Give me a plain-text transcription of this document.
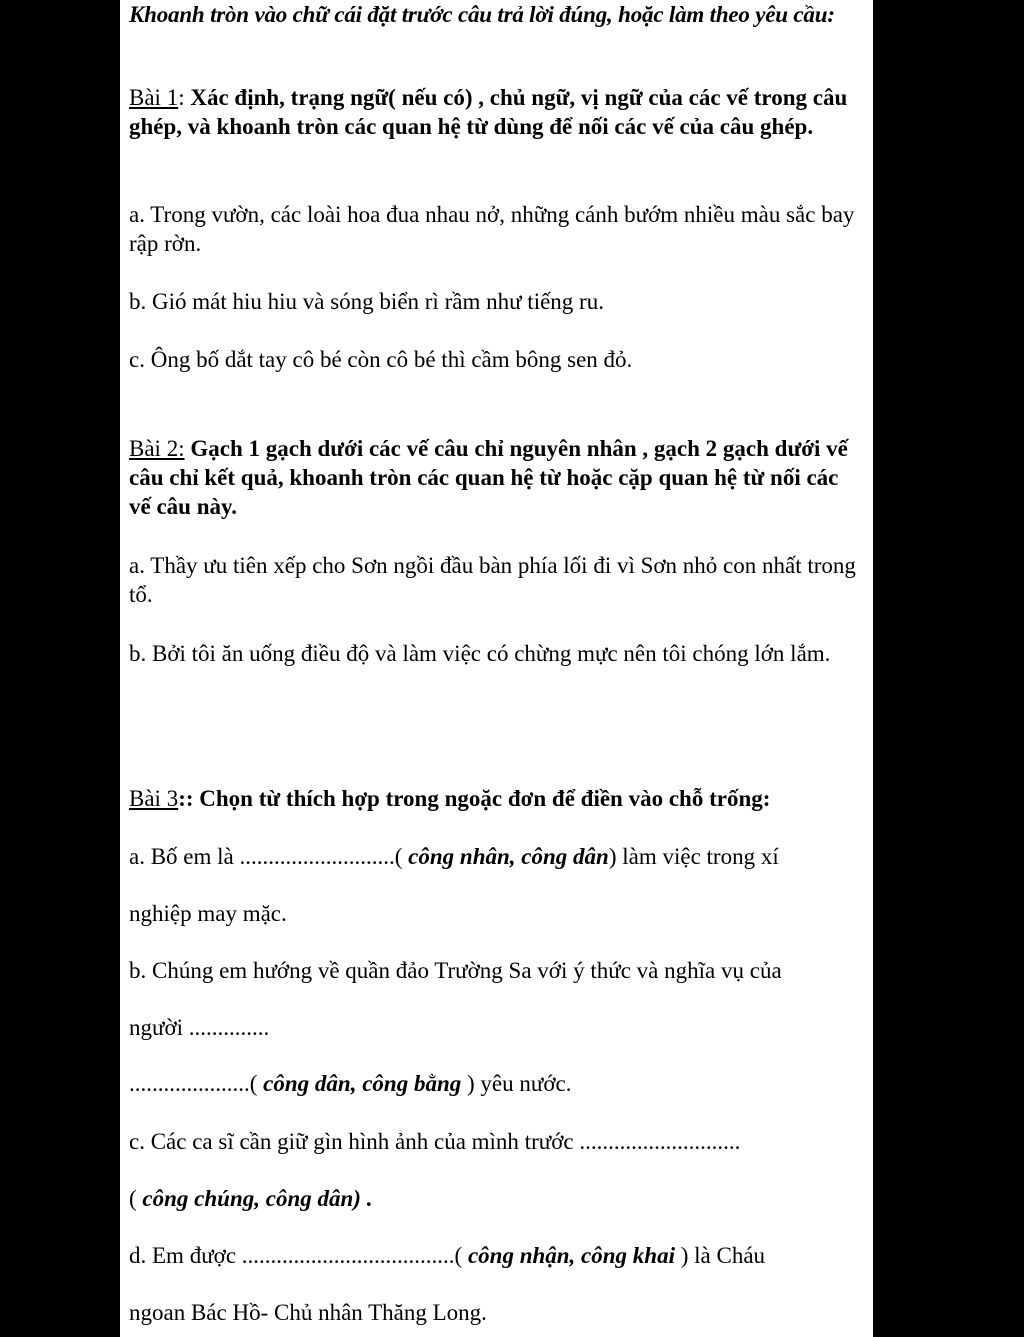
Khoanh tròn vào chữ cái đặt trước câu trả lời đúng, hoặc làm theo yêu cầu:

Bài 1: Xác định, trạng ngữ( nếu có) , chủ ngữ, vị ngữ của các vế trong câu ghép, và khoanh tròn các quan hệ từ dùng để nối các vế của câu ghép.

a. Trong vườn, các loài hoa đua nhau nở, những cánh bướm nhiều màu sắc bay rập rờn.

b. Gió mát hiu hiu và sóng biển rì rầm như tiếng ru.

c. Ông bố dắt tay cô bé còn cô bé thì cầm bông sen đỏ.

Bài 2: Gạch 1 gạch dưới các vế câu chỉ nguyên nhân , gạch 2 gạch dưới vế câu chỉ kết quả, khoanh tròn các quan hệ từ hoặc cặp quan hệ từ nối các vế câu này.

a. Thầy ưu tiên xếp cho Sơn ngồi đầu bàn phía lối đi vì Sơn nhỏ con nhất trong tổ.

b. Bởi tôi ăn uống điều độ và làm việc có chừng mực nên tôi chóng lớn lắm.

Bài 3:: Chọn từ thích hợp trong ngoặc đơn để điền vào chỗ trống:

a. Bố em là ...........................( công nhân, công dân) làm việc trong xí

nghiệp may mặc.

b. Chúng em hướng về quần đảo Trường Sa với ý thức và nghĩa vụ của

người ..............

.....................( công dân, công bằng ) yêu nước.

c. Các ca sĩ cần giữ gìn hình ảnh của mình trước ............................

( công chúng, công dân) .

d. Em được .....................................( công nhận, công khai ) là Cháu

ngoan Bác Hồ- Chủ nhân Thăng Long.
